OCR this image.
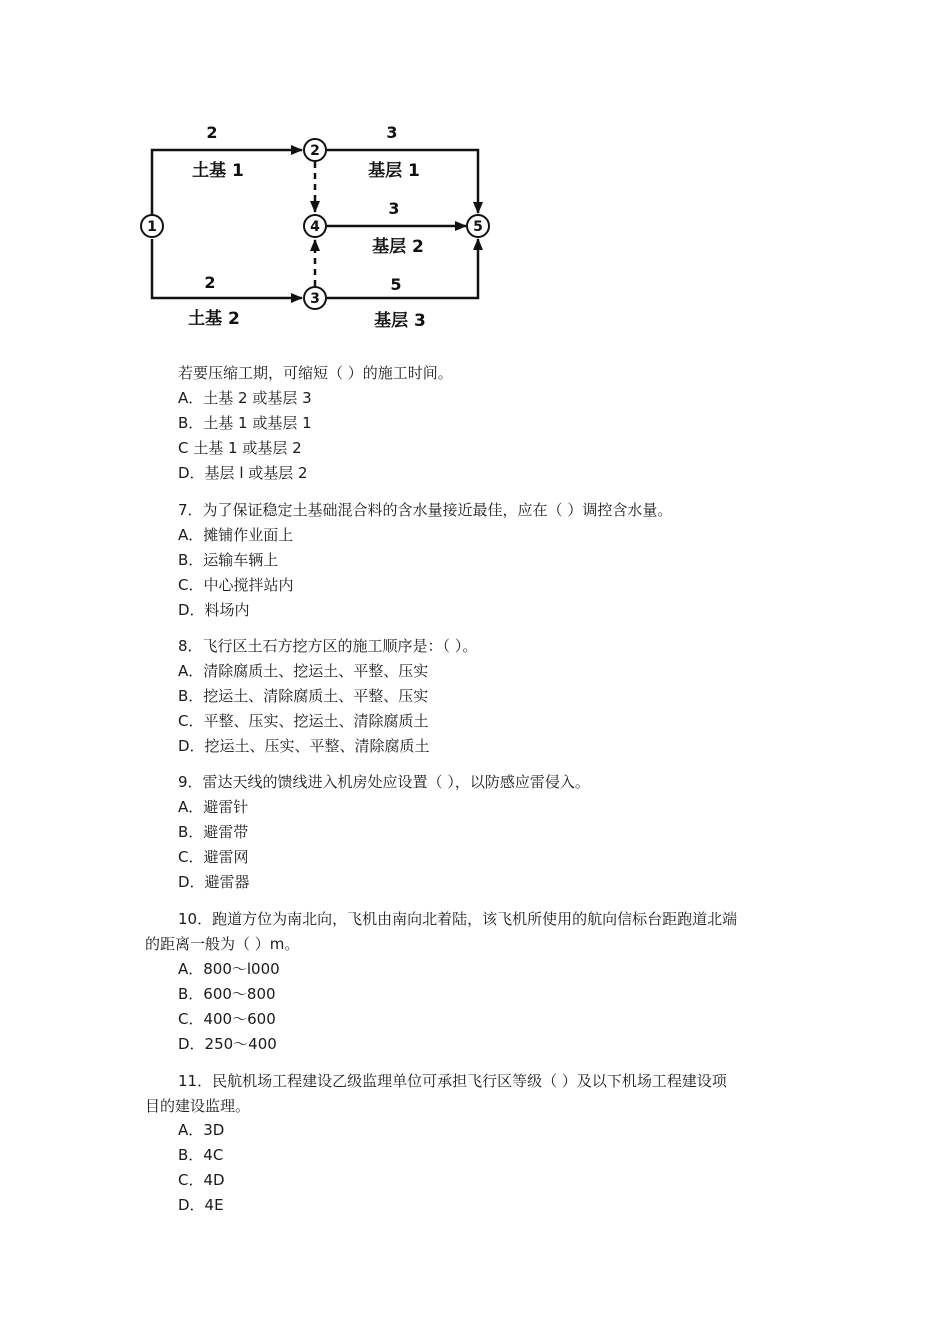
1
2
3
4	5
2
土基 1
3
基层 1
3
基层 2
2
土基 2
5
基层 3
若要压缩工期，可缩短（ ）的施工时间。
A．土基 2 或基层 3
B．土基 1 或基层 1
C 土基 1 或基层 2
D．基层 l 或基层 2
7．为了保证稳定土基础混合料的含水量接近最佳，应在（ ）调控含水量。
A．摊铺作业面上
B．运输车辆上
C．中心搅拌站内
D．料场内
8．飞行区土石方挖方区的施工顺序是：（ ）。
A．清除腐质土、挖运土、平整、压实
B．挖运土、清除腐质土、平整、压实
C．平整、压实、挖运土、清除腐质土
D．挖运土、压实、平整、清除腐质土
9．雷达天线的馈线进入机房处应设置（ ），以防感应雷侵入。
A．避雷针
B．避雷带
C．避雷网
D．避雷器
10．跑道方位为南北向，飞机由南向北着陆，该飞机所使用的航向信标台距跑道北端
的距离一般为（ ）m。
A．800～l000
B．600～800
C．400～600
D．250～400
11．民航机场工程建设乙级监理单位可承担飞行区等级（ ）及以下机场工程建设项
目的建设监理。
A．3D
B．4C
C．4D
D．4E
